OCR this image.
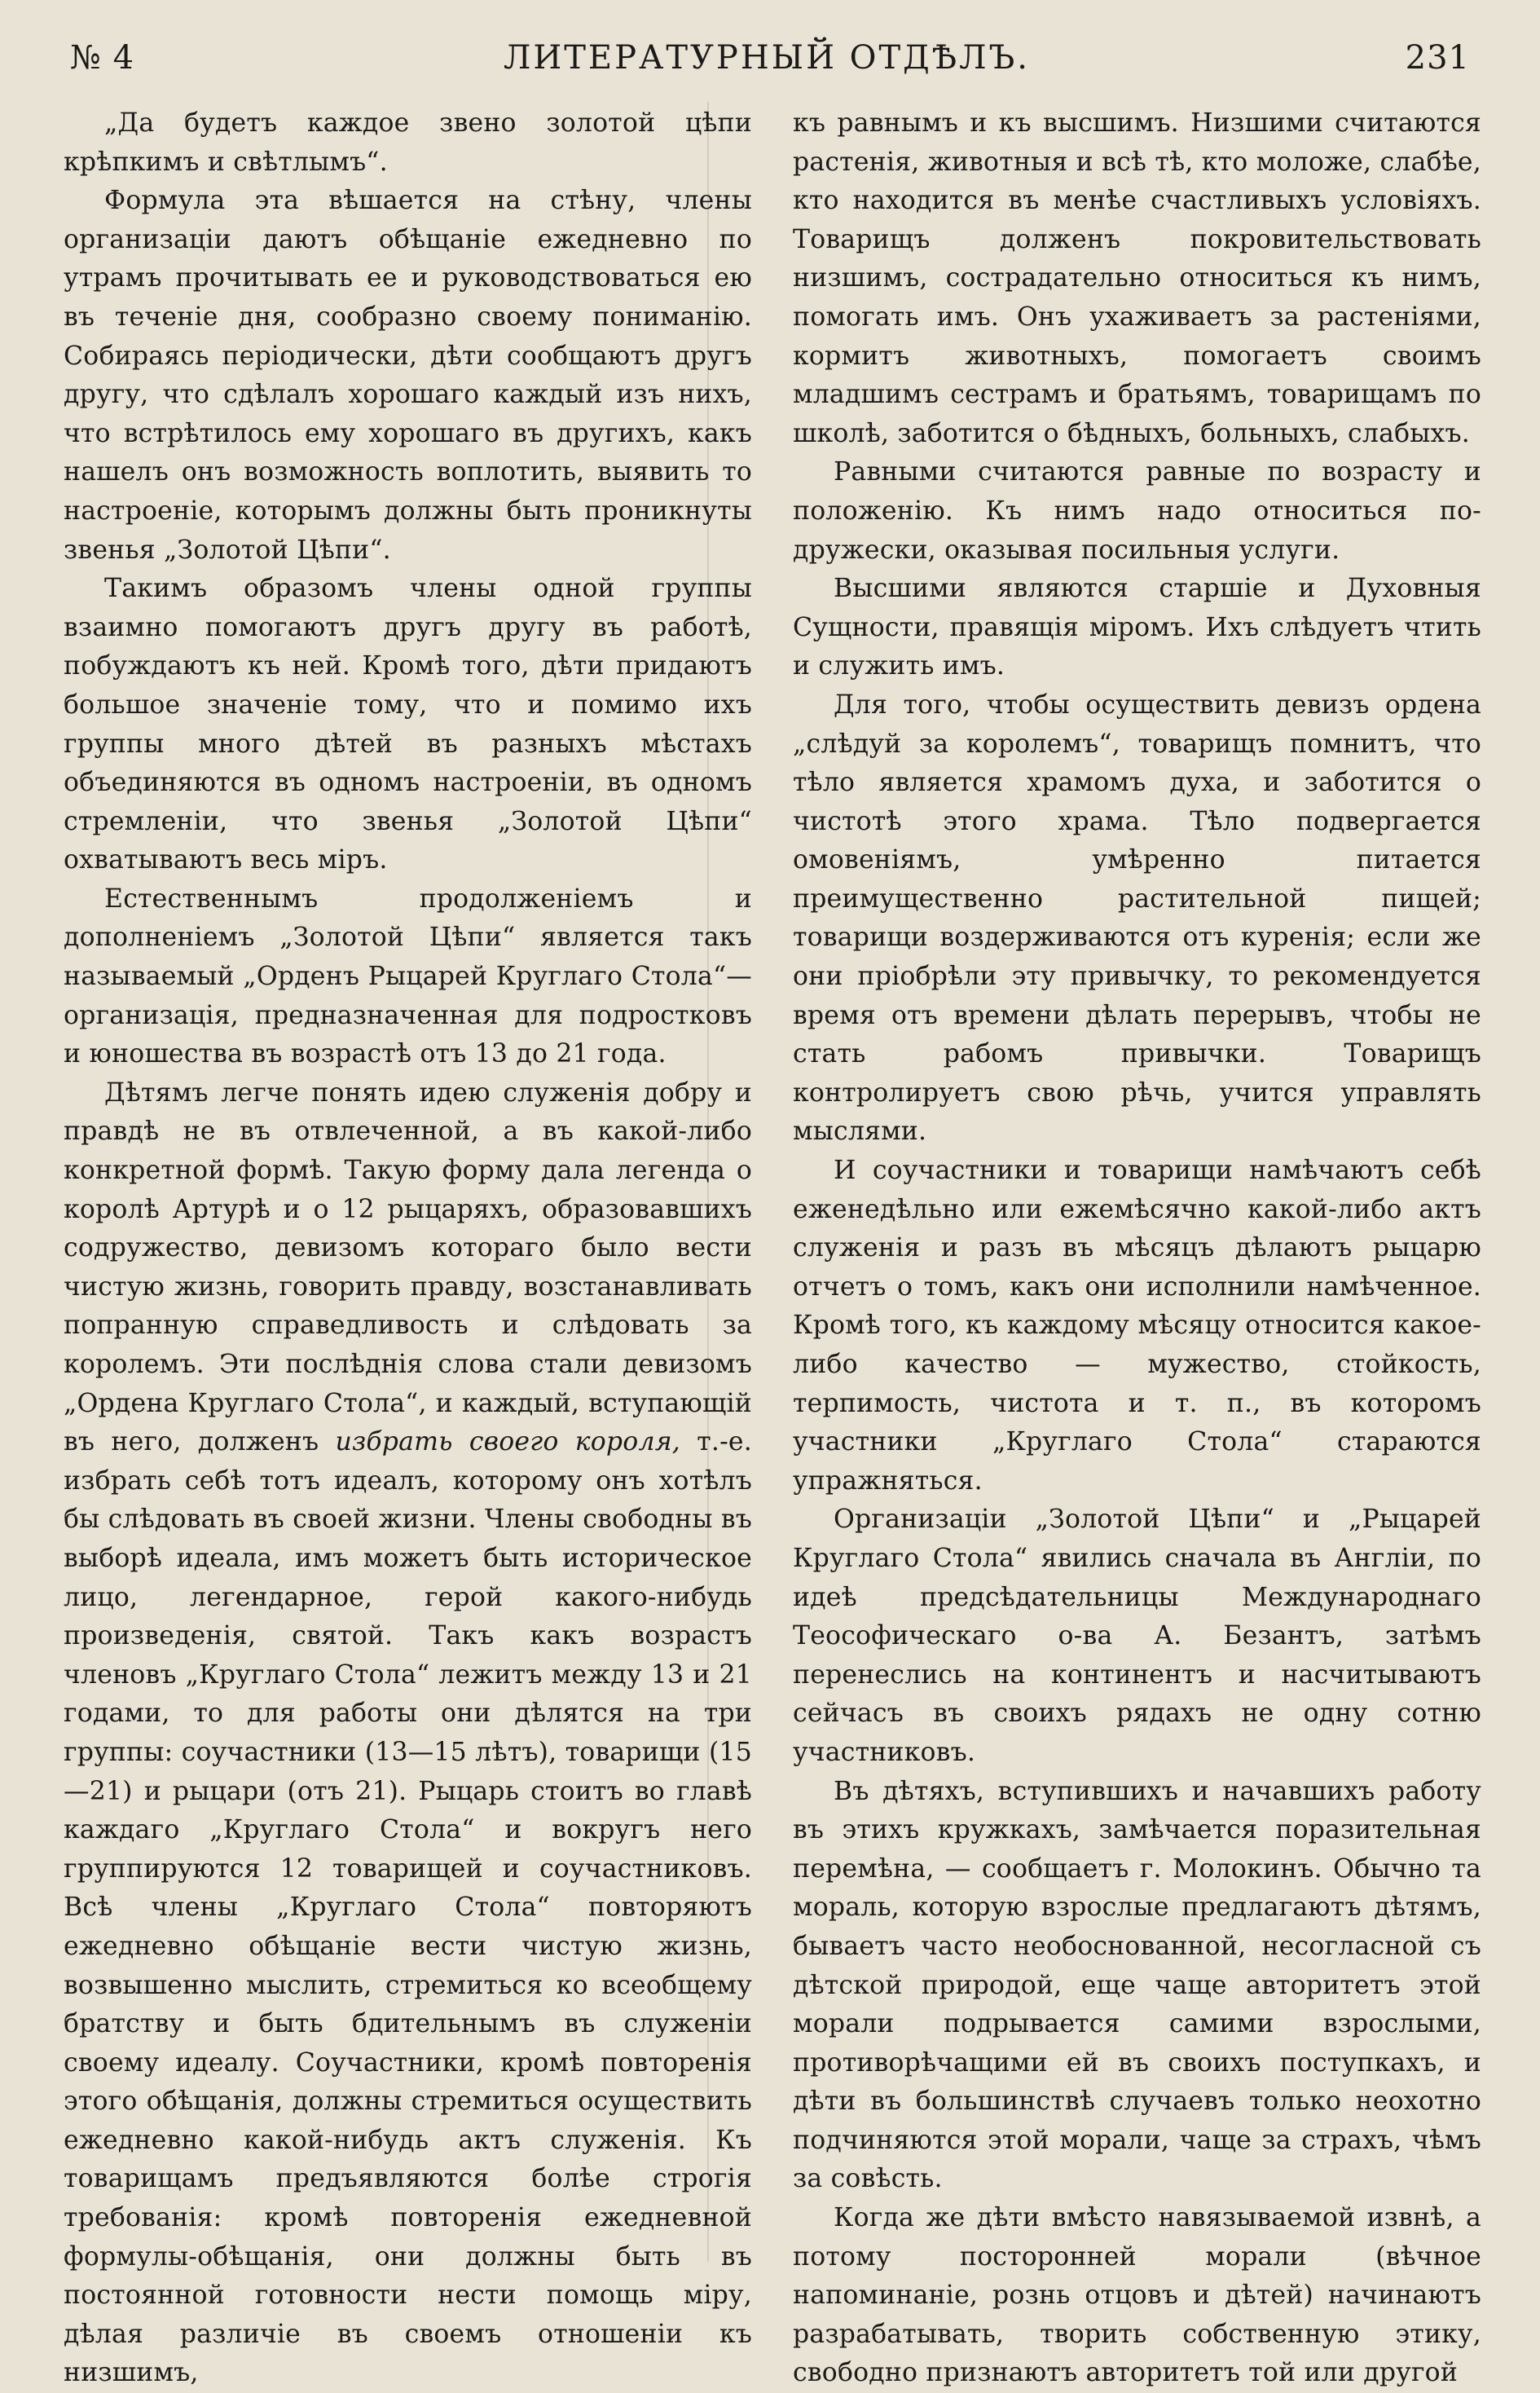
№ 4	ЛИТЕРАТУРНЫЙ ОТДѢЛЪ.	231

„Да будетъ каждое звено золотой цѣпи крѣпкимъ и свѣтлымъ“.

Формула эта вѣшается на стѣну, члены организаціи даютъ обѣщаніе ежедневно по утрамъ прочитывать ее и руководствоваться ею въ теченіе дня, сообразно своему пониманію. Собираясь періодически, дѣти сообщаютъ другъ другу, что сдѣлалъ хорошаго каждый изъ нихъ, что встрѣтилось ему хорошаго въ другихъ, какъ нашелъ онъ возможность воплотить, выявить то настроеніе, которымъ должны быть проникнуты звенья „Золотой Цѣпи“.

Такимъ образомъ члены одной группы взаимно помогаютъ другъ другу въ работѣ, побуждаютъ къ ней. Кромѣ того, дѣти придаютъ большое значеніе тому, что и помимо ихъ группы много дѣтей въ разныхъ мѣстахъ объединяются въ одномъ настроеніи, въ одномъ стремленіи, что звенья „Золотой Цѣпи“ охватываютъ весь міръ.

Естественнымъ продолженіемъ и дополненіемъ „Золотой Цѣпи“ является такъ называемый „Орденъ Рыцарей Круглаго Стола“—организація, предназначенная для подростковъ и юношества въ возрастѣ отъ 13 до 21 года.

Дѣтямъ легче понять идею служенія добру и правдѣ не въ отвлеченной, а въ какой-либо конкретной формѣ. Такую форму дала легенда о королѣ Артурѣ и о 12 рыцаряхъ, образовавшихъ содружество, девизомъ котораго было вести чистую жизнь, говорить правду, возстанавливать попранную справедливость и слѣдовать за королемъ. Эти послѣднія слова стали девизомъ „Ордена Круглаго Стола“, и каждый, вступающій въ него, долженъ избрать своего короля, т.-е. избрать себѣ тотъ идеалъ, которому онъ хотѣлъ бы слѣдовать въ своей жизни. Члены свободны въ выборѣ идеала, имъ можетъ быть историческое лицо, легендарное, герой какого-нибудь произведенія, святой. Такъ какъ возрастъ членовъ „Круглаго Стола“ лежитъ между 13 и 21 годами, то для работы они дѣлятся на три группы: соучастники (13—15 лѣтъ), товарищи (15—21) и рыцари (отъ 21). Рыцарь стоитъ во главѣ каждаго „Круглаго Стола“ и вокругъ него группируются 12 товарищей и соучастниковъ. Всѣ члены „Круглаго Стола“ повторяютъ ежедневно обѣщаніе вести чистую жизнь, возвышенно мыслить, стремиться ко всеобщему братству и быть бдительнымъ въ служеніи своему идеалу. Соучастники, кромѣ повторенія этого обѣщанія, должны стремиться осуществить ежедневно какой-нибудь актъ служенія. Къ товарищамъ предъявляются болѣе строгія требованія: кромѣ повторенія ежедневной формулы-обѣщанія, они должны быть въ постоянной готовности нести помощь міру, дѣлая различіе въ своемъ отношеніи къ низшимъ,

къ равнымъ и къ высшимъ. Низшими считаются растенія, животныя и всѣ тѣ, кто моложе, слабѣе, кто находится въ менѣе счастливыхъ условіяхъ. Товарищъ долженъ покровительствовать низшимъ, сострадательно относиться къ нимъ, помогать имъ. Онъ ухаживаетъ за растеніями, кормитъ животныхъ, помогаетъ своимъ младшимъ сестрамъ и братьямъ, товарищамъ по школѣ, заботится о бѣдныхъ, больныхъ, слабыхъ.

Равными считаются равные по возрасту и положенію. Къ нимъ надо относиться по-дружески, оказывая посильныя услуги.

Высшими являются старшіе и Духовныя Сущности, правящія міромъ. Ихъ слѣдуетъ чтить и служить имъ.

Для того, чтобы осуществить девизъ ордена „слѣдуй за королемъ“, товарищъ помнитъ, что тѣло является храмомъ духа, и заботится о чистотѣ этого храма. Тѣло подвергается омовеніямъ, умѣренно питается преимущественно растительной пищей; товарищи воздерживаются отъ куренія; если же они пріобрѣли эту привычку, то рекомендуется время отъ времени дѣлать перерывъ, чтобы не стать рабомъ привычки. Товарищъ контролируетъ свою рѣчь, учится управлять мыслями.

И соучастники и товарищи намѣчаютъ себѣ еженедѣльно или ежемѣсячно какой-либо актъ служенія и разъ въ мѣсяцъ дѣлаютъ рыцарю отчетъ о томъ, какъ они исполнили намѣченное. Кромѣ того, къ каждому мѣсяцу относится какое-либо качество — мужество, стойкость, терпимость, чистота и т. п., въ которомъ участники „Круглаго Стола“ стараются упражняться.

Организаціи „Золотой Цѣпи“ и „Рыцарей Круглаго Стола“ явились сначала въ Англіи, по идеѣ предсѣдательницы Международнаго Теософическаго о-ва А. Безантъ, затѣмъ перенеслись на континентъ и насчитываютъ сейчасъ въ своихъ рядахъ не одну сотню участниковъ.

Въ дѣтяхъ, вступившихъ и начавшихъ работу въ этихъ кружкахъ, замѣчается поразительная перемѣна, — сообщаетъ г. Молокинъ. Обычно та мораль, которую взрослые предлагаютъ дѣтямъ, бываетъ часто необоснованной, несогласной съ дѣтской природой, еще чаще авторитетъ этой морали подрывается самими взрослыми, противорѣчащими ей въ своихъ поступкахъ, и дѣти въ большинствѣ случаевъ только неохотно подчиняются этой морали, чаще за страхъ, чѣмъ за совѣсть.

Когда же дѣти вмѣсто навязываемой извнѣ, а потому посторонней морали (вѣчное напоминаніе, рознь отцовъ и дѣтей) начинаютъ разрабатывать, творить собственную этику, свободно признаютъ авторитетъ той или другой
